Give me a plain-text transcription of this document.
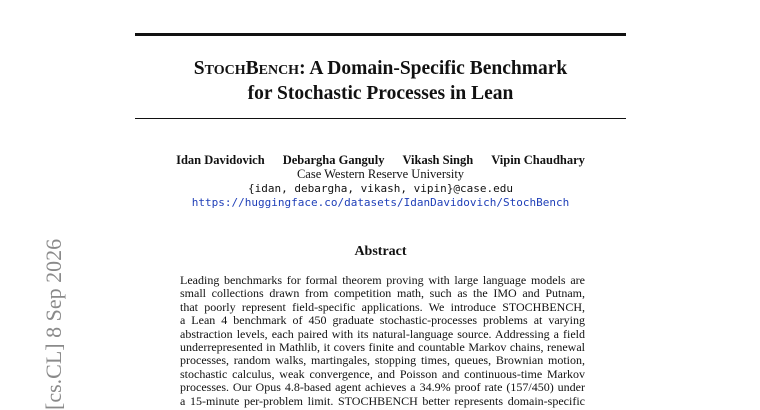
StochBench: A Domain-Specific Benchmark
for Stochastic Processes in Lean
Idan Davidovich Debargha Ganguly Vikash Singh Vipin Chaudhary
Case Western Reserve University
{idan, debargha, vikash, vipin}@case.edu
https://huggingface.co/datasets/IdanDavidovich/StochBench
Abstract
Leading benchmarks for formal theorem proving with large language models are
small collections drawn from competition math, such as the IMO and Putnam,
that poorly represent field-specific applications. We introduce STOCHBENCH,
a Lean 4 benchmark of 450 graduate stochastic-processes problems at varying
abstraction levels, each paired with its natural-language source. Addressing a field
underrepresented in Mathlib, it covers finite and countable Markov chains, renewal
processes, random walks, martingales, stopping times, queues, Brownian motion,
stochastic calculus, weak convergence, and Poisson and continuous-time Markov
processes. Our Opus 4.8-based agent achieves a 34.9% proof rate (157/450) under
a 15-minute per-problem limit. STOCHBENCH better represents domain-specific
[cs.CL] 8 Sep 2026
